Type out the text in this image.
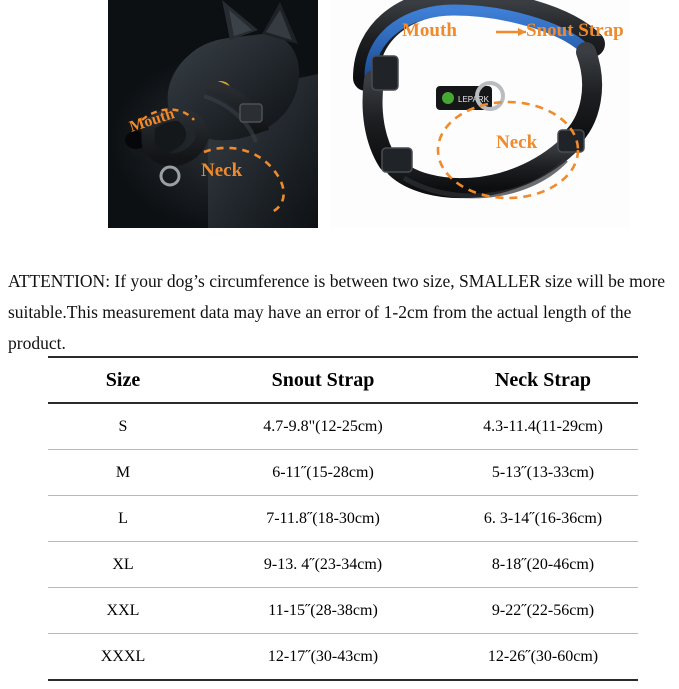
Mouth
Neck
LEPARK
Mouth	Snout Strap
Neck

ATTENTION: If your dog’s circumference is between two size, SMALLER size will be more suitable.This measurement data may have an error of 1-2cm from the actual length of the product.

Size	Snout Strap	Neck Strap
S	4.7-9.8"(12-25cm)	4.3-11.4(11-29cm)
M	6-11˝(15-28cm)	5-13˝(13-33cm)
L	7-11.8˝(18-30cm)	6. 3-14˝(16-36cm)
XL	9-13. 4˝(23-34cm)	8-18˝(20-46cm)
XXL	11-15˝(28-38cm)	9-22˝(22-56cm)
XXXL	12-17˝(30-43cm)	12-26˝(30-60cm)
